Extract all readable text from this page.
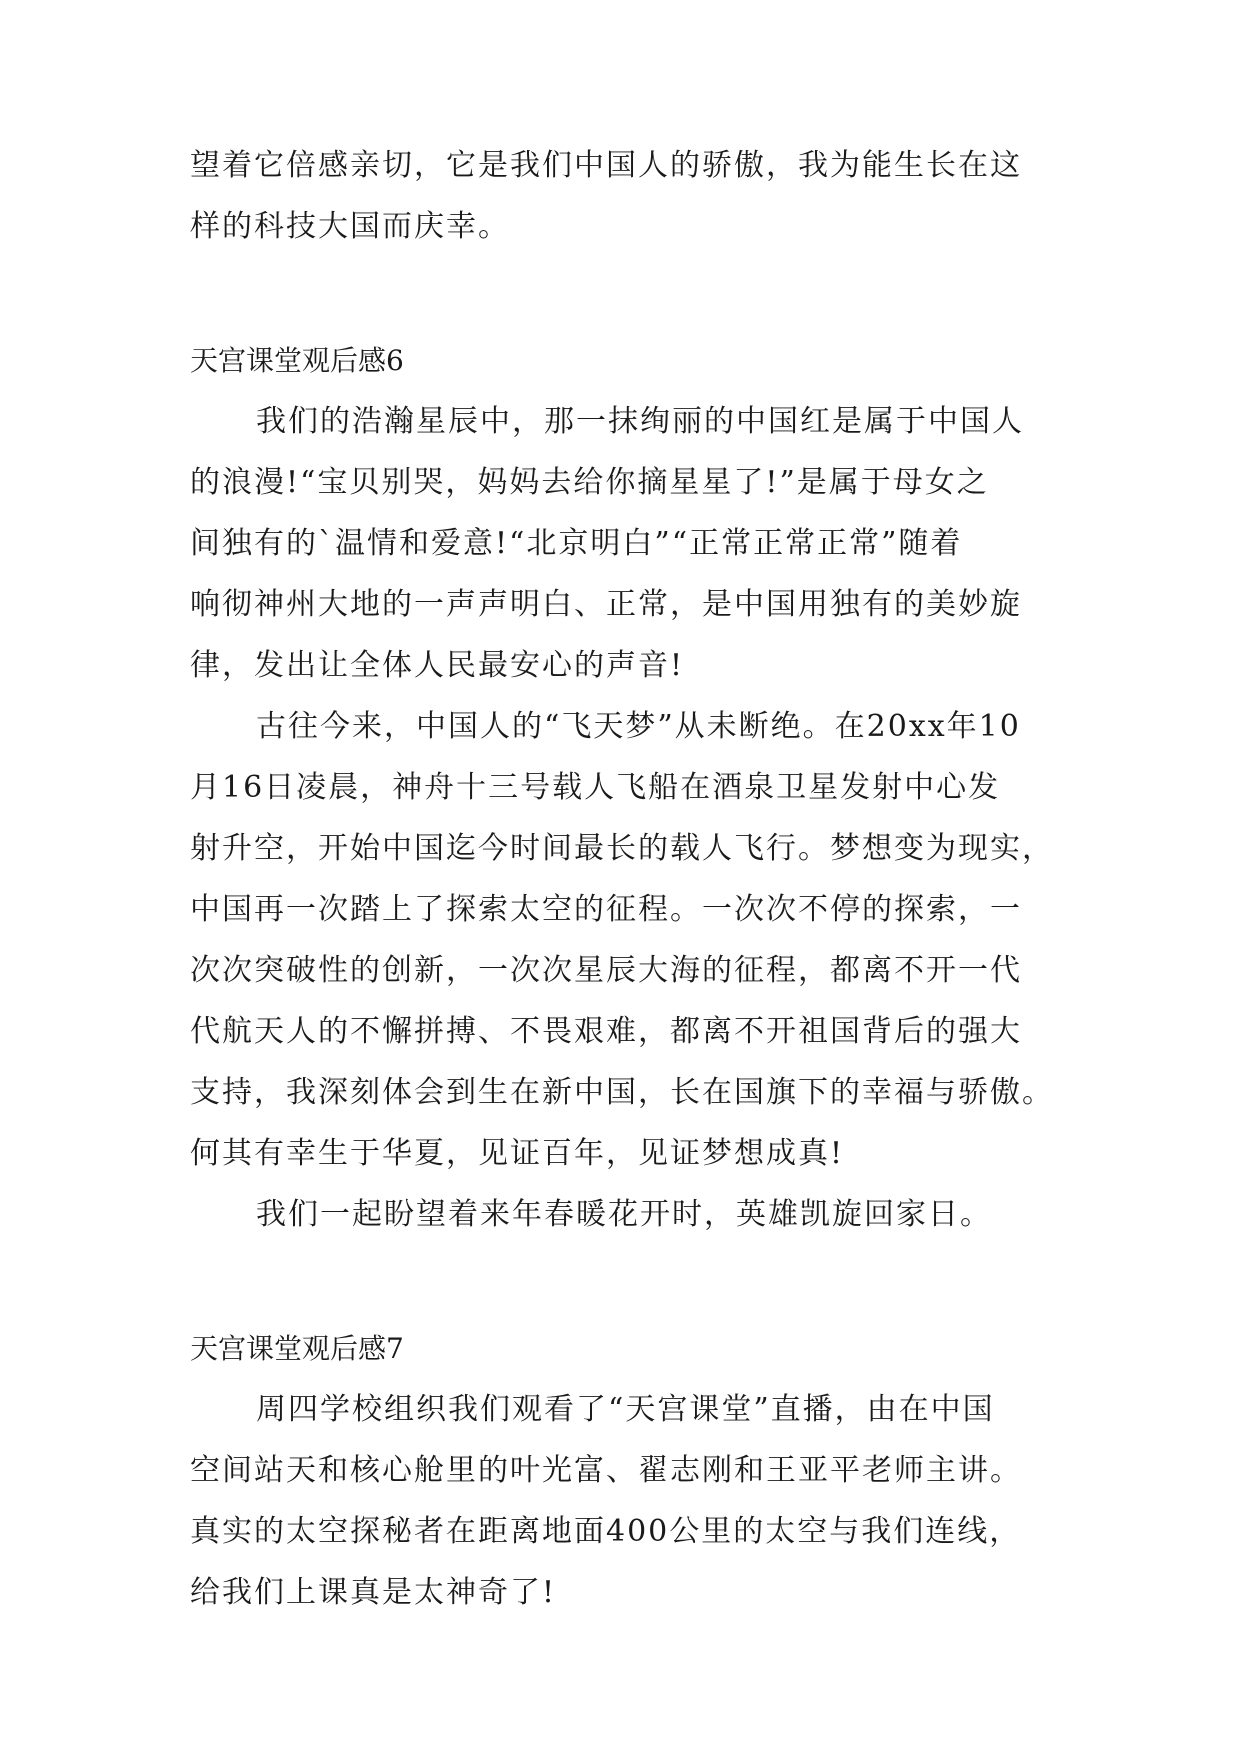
望着它倍感亲切，它是我们中国人的骄傲，我为能生长在这
样的科技大国而庆幸。
天宫课堂观后感6
我们的浩瀚星辰中，那一抹绚丽的中国红是属于中国人
的浪漫!“宝贝别哭，妈妈去给你摘星星了!”是属于母女之
间独有的`温情和爱意!“北京明白”“正常正常正常”随着
响彻神州大地的一声声明白、正常，是中国用独有的美妙旋
律，发出让全体人民最安心的声音!
古往今来，中国人的“飞天梦”从未断绝。在20xx年10
月16日凌晨，神舟十三号载人飞船在酒泉卫星发射中心发
射升空，开始中国迄今时间最长的载人飞行。梦想变为现实，
中国再一次踏上了探索太空的征程。一次次不停的探索，一
次次突破性的创新，一次次星辰大海的征程，都离不开一代
代航天人的不懈拼搏、不畏艰难，都离不开祖国背后的强大
支持，我深刻体会到生在新中国，长在国旗下的幸福与骄傲。
何其有幸生于华夏，见证百年，见证梦想成真!
我们一起盼望着来年春暖花开时，英雄凯旋回家日。
天宫课堂观后感7
周四学校组织我们观看了“天宫课堂”直播，由在中国
空间站天和核心舱里的叶光富、翟志刚和王亚平老师主讲。
真实的太空探秘者在距离地面400公里的太空与我们连线，
给我们上课真是太神奇了!
